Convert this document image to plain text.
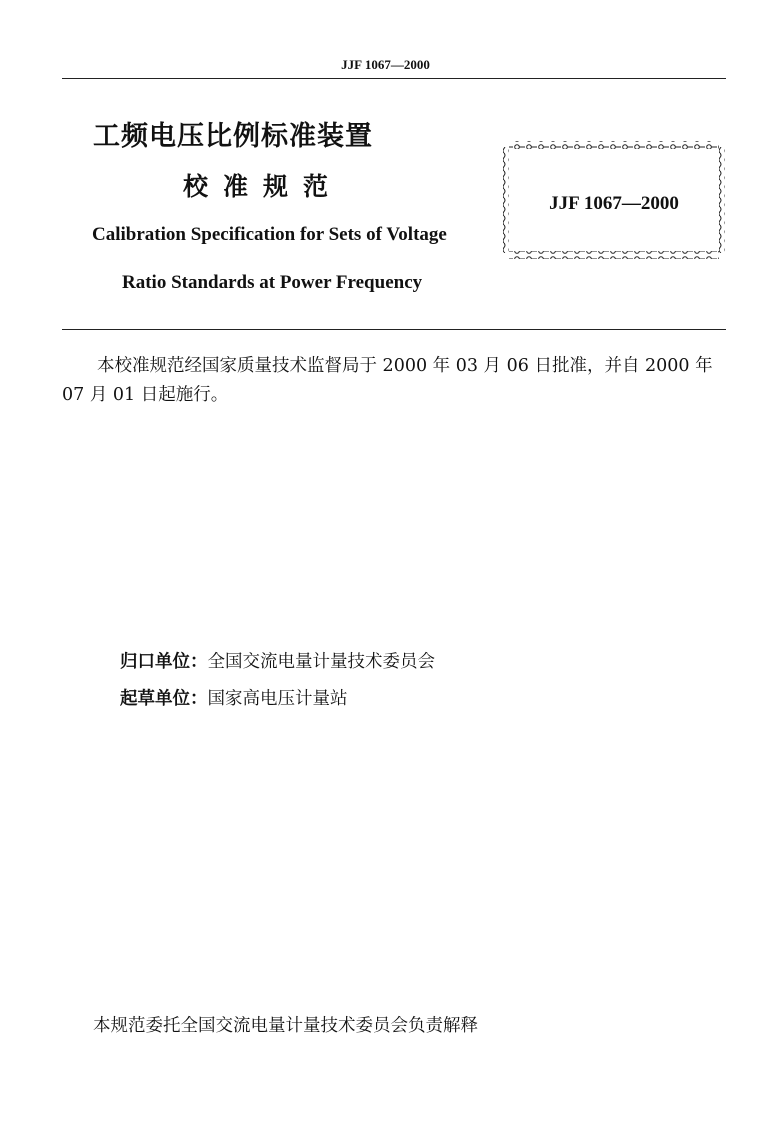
JJF 1067—2000
工频电压比例标准装置
校准规范
Calibration Specification for Sets of Voltage
Ratio Standards at Power Frequency
JJF 1067—2000
本校准规范经国家质量技术监督局于 2000 年 03 月 06 日批准，并自 2000 年 07 月 01 日起施行。
归口单位：全国交流电量计量技术委员会
起草单位：国家高电压计量站
本规范委托全国交流电量计量技术委员会负责解释
